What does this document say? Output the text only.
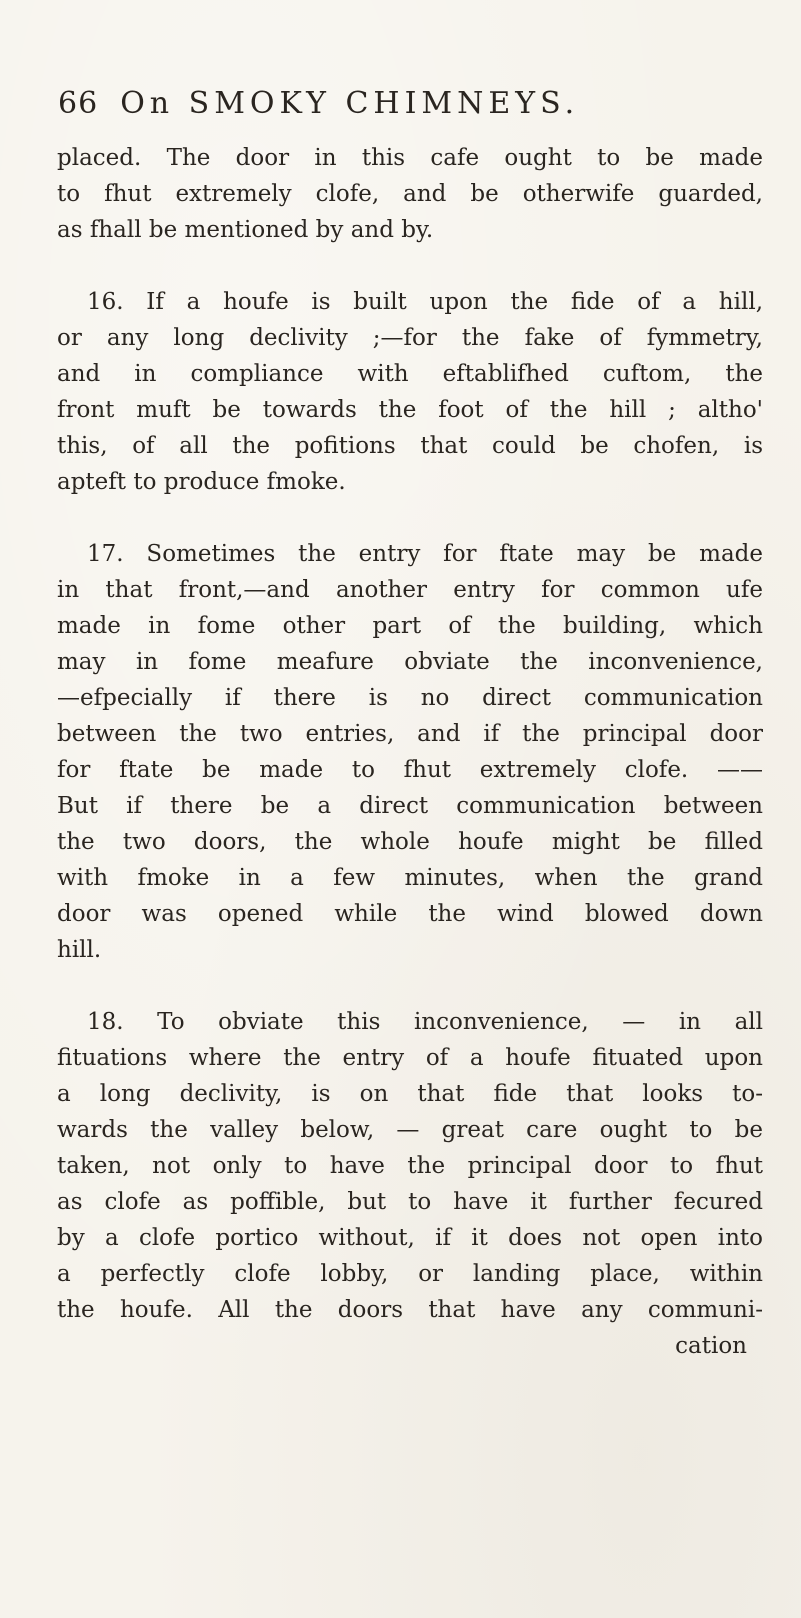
66 On SMOKY CHIMNEYS.
placed. The door in this cafe ought to be made
to fhut extremely clofe, and be otherwife guarded,
as fhall be mentioned by and by.
16. If a houfe is built upon the fide of a hill,
or any long declivity ;—for the fake of fymmetry,
and in compliance with eftablifhed cuftom, the
front muft be towards the foot of the hill ; altho'
this, of all the pofitions that could be chofen, is
apteft to produce fmoke.
17. Sometimes the entry for ftate may be made
in that front,—and another entry for common ufe
made in fome other part of the building, which
may in fome meafure obviate the inconvenience,
—efpecially if there is no direct communication
between the two entries, and if the principal door
for ftate be made to fhut extremely clofe. ——
But if there be a direct communication between
the two doors, the whole houfe might be filled
with fmoke in a few minutes, when the grand
door was opened while the wind blowed down
hill.
18. To obviate this inconvenience, — in all
fituations where the entry of a houfe fituated upon
a long declivity, is on that fide that looks to-
wards the valley below, — great care ought to be
taken, not only to have the principal door to fhut
as clofe as poffible, but to have it further fecured
by a clofe portico without, if it does not open into
a perfectly clofe lobby, or landing place, within
the houfe. All the doors that have any communi-
cation
